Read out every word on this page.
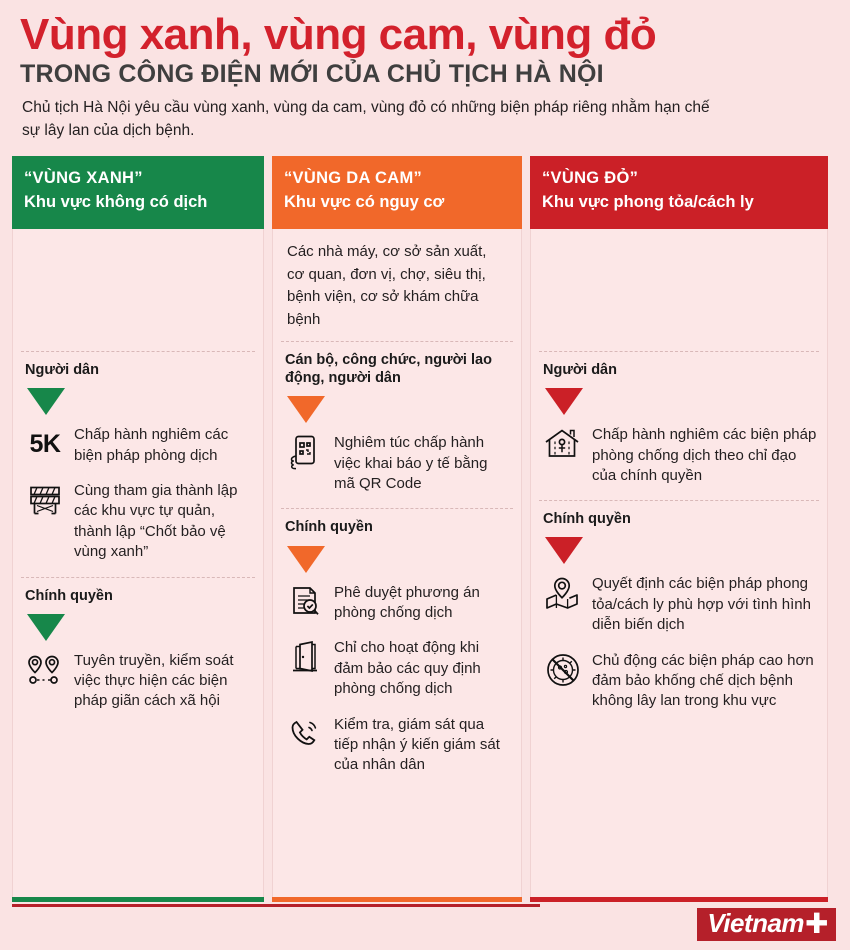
Vùng xanh, vùng cam, vùng đỏ
TRONG CÔNG ĐIỆN MỚI CỦA CHỦ TỊCH HÀ NỘI

Chủ tịch Hà Nội yêu cầu vùng xanh, vùng da cam, vùng đỏ có những biện pháp riêng nhằm hạn chế sự lây lan của dịch bệnh.

“VÙNG XANH”
Khu vực không có dịch
Người dân
5K Chấp hành nghiêm các biện pháp phòng dịch
Cùng tham gia thành lập các khu vực tự quản, thành lập “Chốt bảo vệ vùng xanh”
Chính quyền
Tuyên truyền, kiểm soát việc thực hiện các biện pháp giãn cách xã hội
“VÙNG DA CAM”
Khu vực có nguy cơ
Các nhà máy, cơ sở sản xuất, cơ quan, đơn vị, chợ, siêu thị, bệnh viện, cơ sở khám chữa bệnh
Cán bộ, công chức, người lao động, người dân
Nghiêm túc chấp hành việc khai báo y tế bằng mã QR Code
Chính quyền
Phê duyệt phương án phòng chống dịch
Chỉ cho hoạt động khi đảm bảo các quy định phòng chống dịch
Kiểm tra, giám sát qua tiếp nhận ý kiến giám sát của nhân dân
“VÙNG ĐỎ”
Khu vực phong tỏa/cách ly
Người dân
Chấp hành nghiêm các biện pháp phòng chống dịch theo chỉ đạo của chính quyền
Chính quyền
Quyết định các biện pháp phong tỏa/cách ly phù hợp với tình hình diễn biến dịch
Chủ động các biện pháp cao hơn đảm bảo khống chế dịch bệnh không lây lan trong khu vực
Vietnam ✚
